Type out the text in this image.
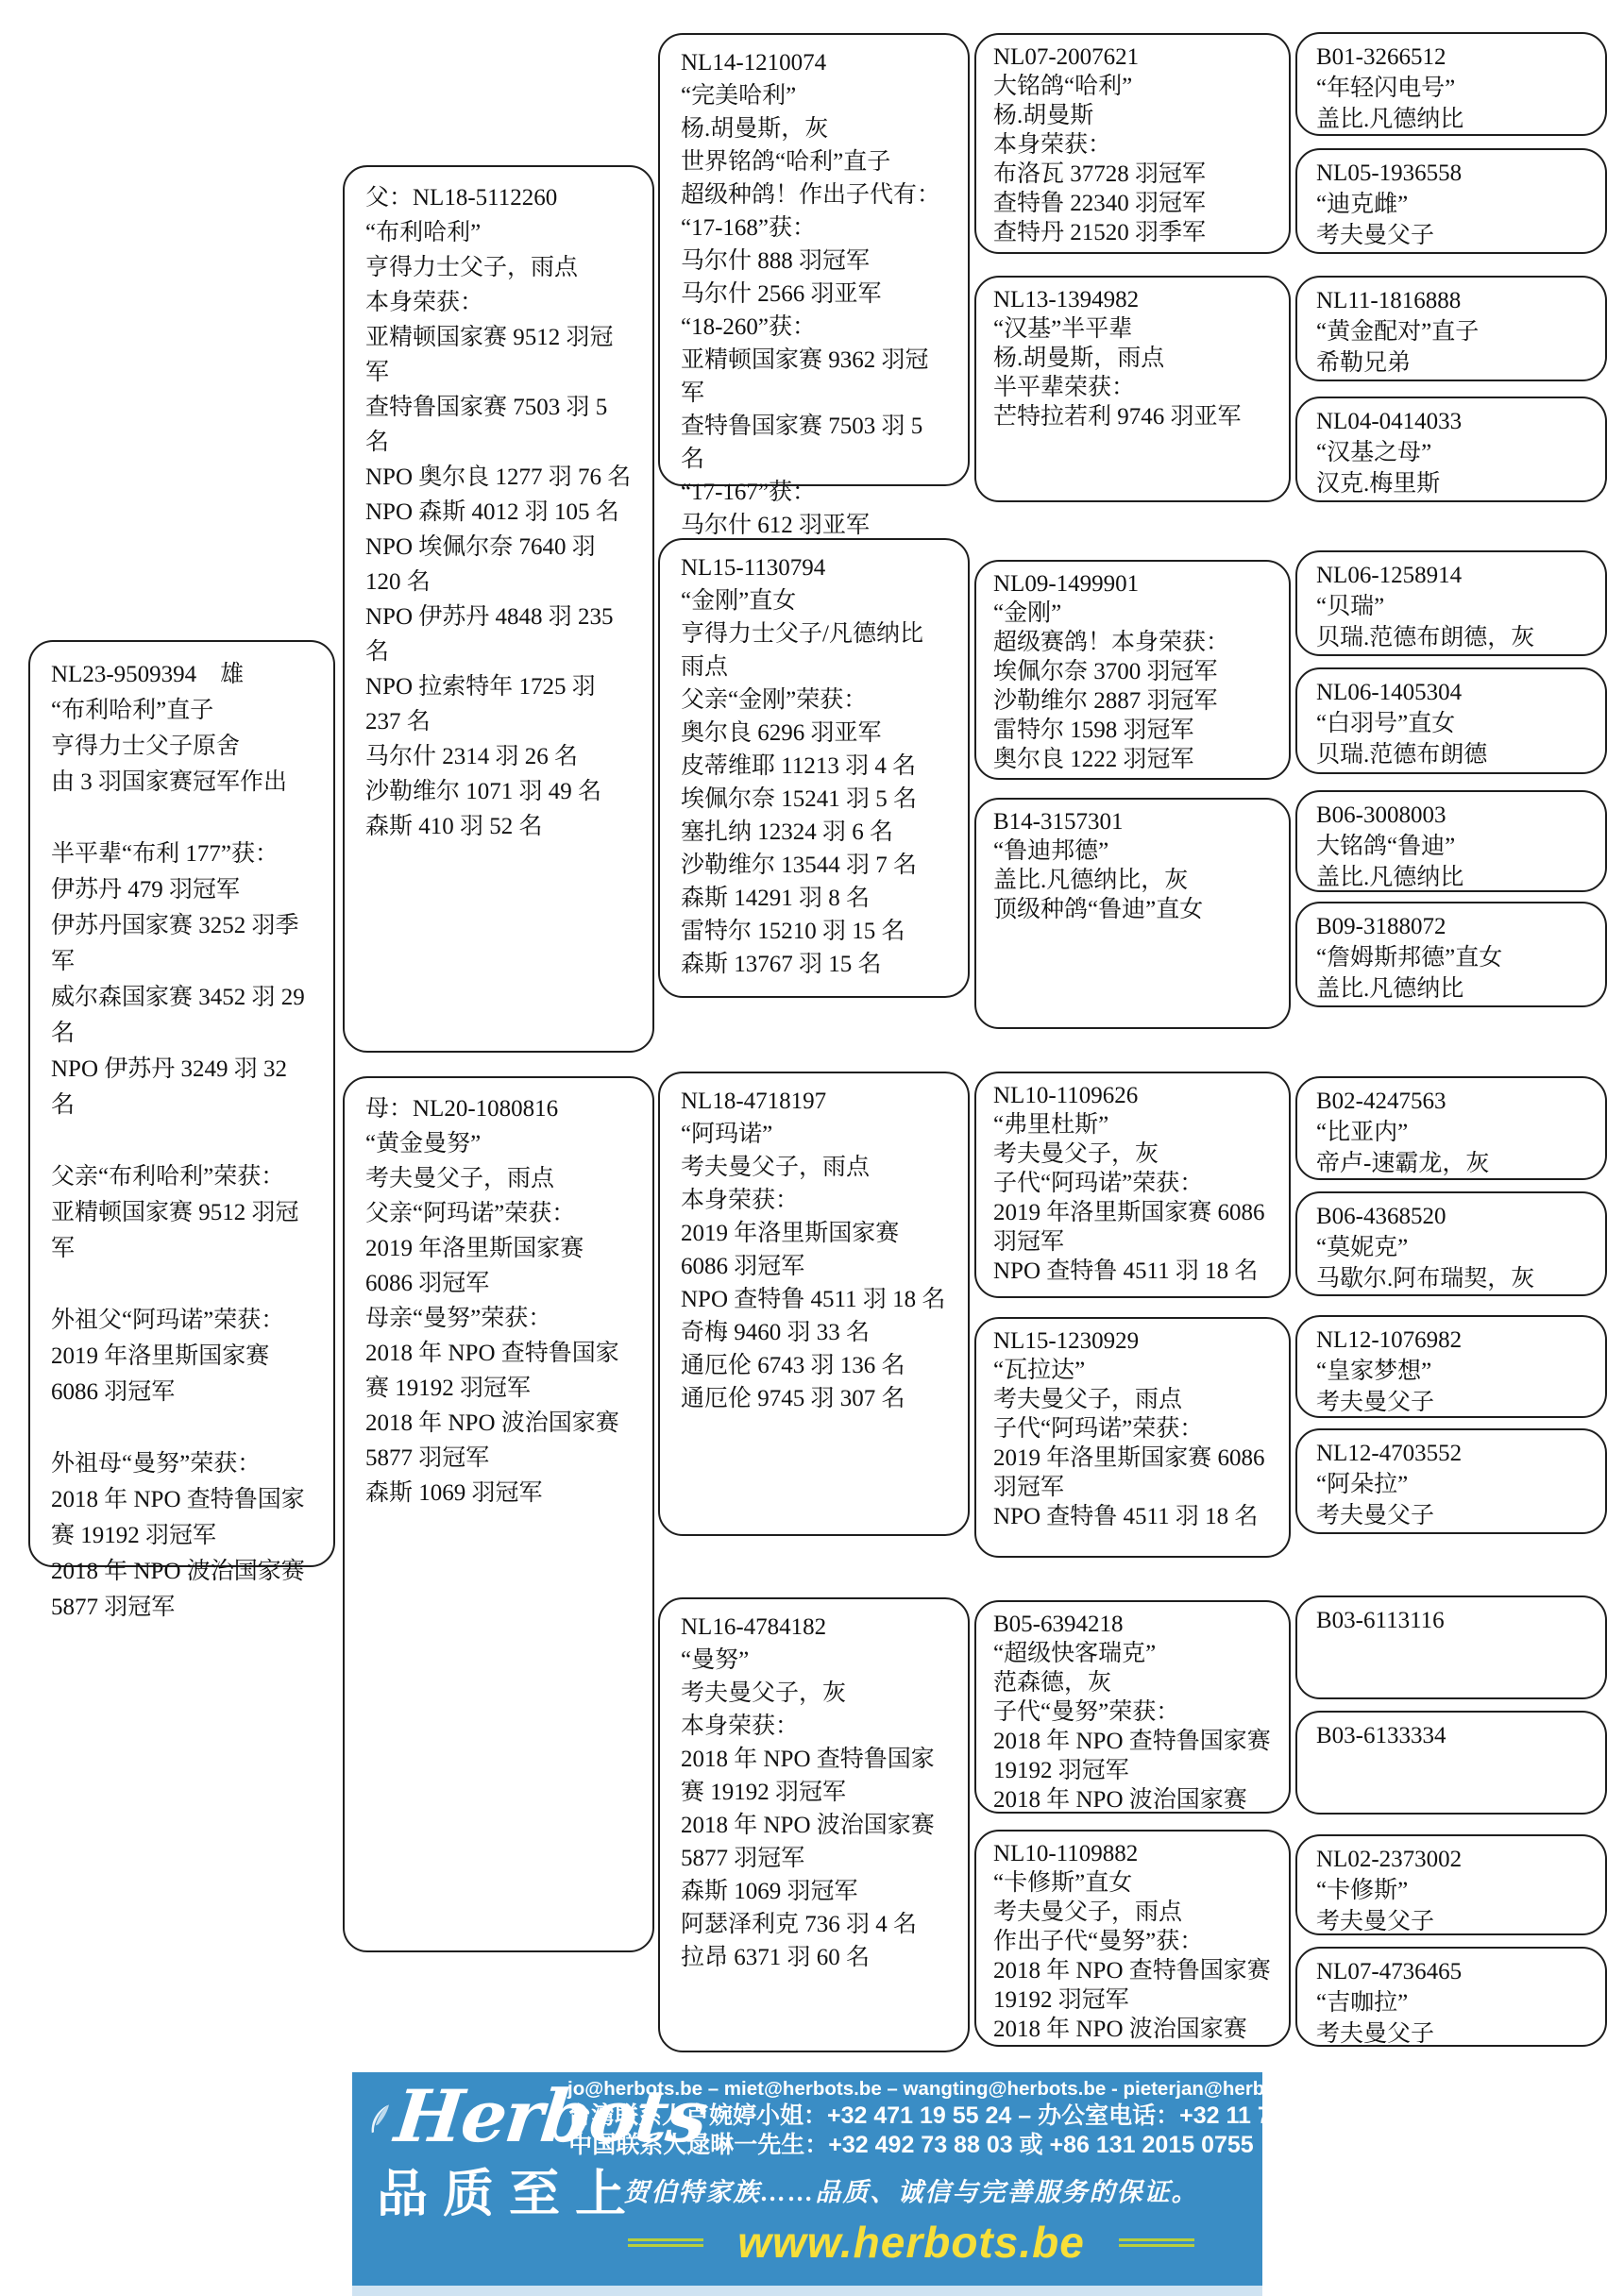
NL23-9509394　雄
“布利哈利”直子
亨得力士父子原舍
由 3 羽国家赛冠军作出

半平辈“布利 177”获：
伊苏丹 479 羽冠军
伊苏丹国家赛 3252 羽季军
威尔森国家赛 3452 羽 29 名
NPO 伊苏丹 3249 羽 32 名

父亲“布利哈利”荣获：
亚精顿国家赛 9512 羽冠军

外祖父“阿玛诺”荣获：
2019 年洛里斯国家赛 6086 羽冠军

外祖母“曼努”荣获：
2018 年 NPO 查特鲁国家赛 19192 羽冠军
2018 年 NPO 波治国家赛 5877 羽冠军
父：NL18-5112260
“布利哈利”
亨得力士父子，雨点
本身荣获：
亚精顿国家赛 9512 羽冠军
查特鲁国家赛 7503 羽 5 名
NPO 奥尔良 1277 羽 76 名
NPO 森斯 4012 羽 105 名
NPO 埃佩尔奈 7640 羽 120 名
NPO 伊苏丹 4848 羽 235 名
NPO 拉索特年 1725 羽 237 名
马尔什 2314 羽 26 名
沙勒维尔 1071 羽 49 名
森斯 410 羽 52 名
母：NL20-1080816
“黄金曼努”
考夫曼父子，雨点
父亲“阿玛诺”荣获：
2019 年洛里斯国家赛 6086 羽冠军
母亲“曼努”荣获：
2018 年 NPO 查特鲁国家赛 19192 羽冠军
2018 年 NPO 波治国家赛 5877 羽冠军
森斯 1069 羽冠军
NL14-1210074
“完美哈利”
杨.胡曼斯，灰
世界铭鸽“哈利”直子
超级种鸽！作出子代有：
“17-168”获：
马尔什 888 羽冠军
马尔什 2566 羽亚军
“18-260”获：
亚精顿国家赛 9362 羽冠军
查特鲁国家赛 7503 羽 5 名
“17-167”获：
马尔什 612 羽亚军
NL15-1130794
“金刚”直女
亨得力士父子/凡德纳比
雨点
父亲“金刚”荣获：
奥尔良 6296 羽亚军
皮蒂维耶 11213 羽 4 名
埃佩尔奈 15241 羽 5 名
塞扎纳 12324 羽 6 名
沙勒维尔 13544 羽 7 名
森斯 14291 羽 8 名
雷特尔 15210 羽 15 名
森斯 13767 羽 15 名
NL18-4718197
“阿玛诺”
考夫曼父子，雨点
本身荣获：
2019 年洛里斯国家赛 6086 羽冠军
NPO 查特鲁 4511 羽 18 名
奇梅 9460 羽 33 名
通厄伦 6743 羽 136 名
通厄伦 9745 羽 307 名
NL16-4784182
“曼努”
考夫曼父子，灰
本身荣获：
2018 年 NPO 查特鲁国家赛 19192 羽冠军
2018 年 NPO 波治国家赛 5877 羽冠军
森斯 1069 羽冠军
阿瑟泽利克 736 羽 4 名
拉昂 6371 羽 60 名
NL07-2007621
大铭鸽“哈利”
杨.胡曼斯
本身荣获：
布洛瓦 37728 羽冠军
查特鲁 22340 羽冠军
查特丹 21520 羽季军
NL13-1394982
“汉基”半平辈
杨.胡曼斯，雨点
半平辈荣获：
芒特拉若利 9746 羽亚军
NL09-1499901
“金刚”
超级赛鸽！本身荣获：
埃佩尔奈 3700 羽冠军
沙勒维尔 2887 羽冠军
雷特尔 1598 羽冠军
奥尔良 1222 羽冠军
B14-3157301
“鲁迪邦德”
盖比.凡德纳比，灰
顶级种鸽“鲁迪”直女
NL10-1109626
“弗里杜斯”
考夫曼父子，灰
子代“阿玛诺”荣获：
2019 年洛里斯国家赛 6086 羽冠军
NPO 查特鲁 4511 羽 18 名
NL15-1230929
“瓦拉达”
考夫曼父子，雨点
子代“阿玛诺”荣获：
2019 年洛里斯国家赛 6086 羽冠军
NPO 查特鲁 4511 羽 18 名
B05-6394218
“超级快客瑞克”
范森德，灰
子代“曼努”荣获：
2018 年 NPO 查特鲁国家赛 19192 羽冠军
2018 年 NPO 波治国家赛
NL10-1109882
“卡修斯”直女
考夫曼父子，雨点
作出子代“曼努”获：
2018 年 NPO 查特鲁国家赛 19192 羽冠军
2018 年 NPO 波治国家赛
B01-3266512
“年轻闪电号”
盖比.凡德纳比
NL05-1936558
“迪克雌”
考夫曼父子
NL11-1816888
“黄金配对”直子
希勒兄弟
NL04-0414033
“汉基之母”
汉克.梅里斯
NL06-1258914
“贝瑞”
贝瑞.范德布朗德，灰
NL06-1405304
“白羽号”直女
贝瑞.范德布朗德
B06-3008003
大铭鸽“鲁迪”
盖比.凡德纳比
B09-3188072
“詹姆斯邦德”直女
盖比.凡德纳比
B02-4247563
“比亚内”
帝卢-速霸龙，灰
B06-4368520
“莫妮克”
马歇尔.阿布瑞契，灰
NL12-1076982
“皇家梦想”
考夫曼父子
NL12-4703552
“阿朵拉”
考夫曼父子
B03-6113116
B03-6133334
NL02-2373002
“卡修斯”
考夫曼父子
NL07-4736465
“吉咖拉”
考夫曼父子
Herbots
品质至上
jo@herbots.be – miet@herbots.be – wangting@herbots.be - pieterjan@herbots.be
台湾联系人卢婉婷小姐：+32 471 19 55 24 – 办公室电话：+32 11 78 91 90
中国联系人逯晽一先生：+32 492 73 88 03 或 +86 131 2015 0755
贺伯特家族……品质、诚信与完善服务的保证。
www.herbots.be
